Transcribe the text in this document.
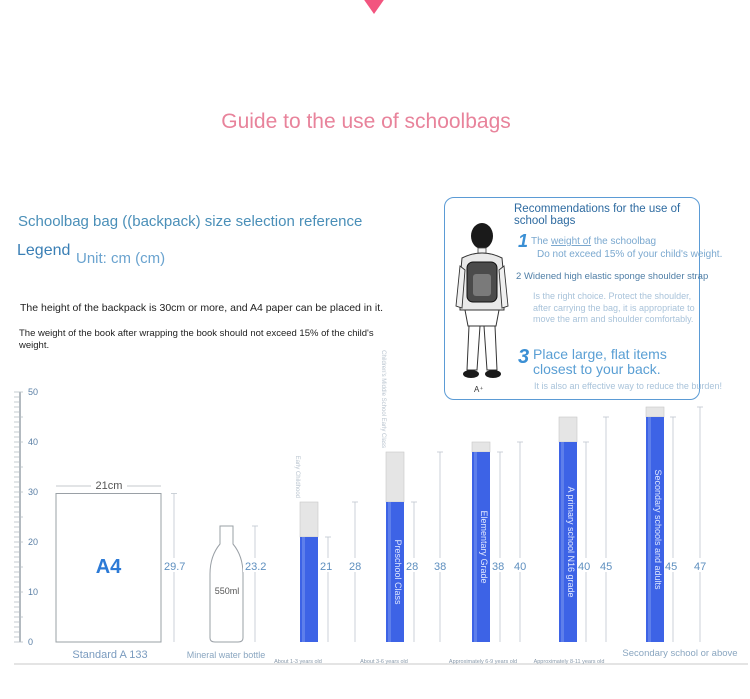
Guide to the use of schoolbags
Schoolbag bag ((backpack) size selection reference
Legend Unit: cm (cm)
The height of the backpack is 30cm or more, and A4 paper can be placed in it.
The weight of the book after wrapping the book should not exceed 15% of the child's weight.
Recommendations for the use of school bags
A⁺
1 The weight of the schoolbag
Do not exceed 15% of your child's weight.
2 Widened high elastic sponge shoulder strap
Is the right choice. Protect the shoulder, after carrying the bag, it is appropriate to move the arm and shoulder comfortably.
3 Place large, flat items closest to your back.
It is also an effective way to reduce the burden!
0
10
20
30
40
50
A4
21cm
29.7
Standard A 133
550ml
23.2
Mineral water bottle
Early Childhood
21 28
About 1-3 years old
Preschool Class
Children's Middle School Early Class
28 38
About 3-6 years old
Elementary Grade 38 40
Approximately 6-9 years old
A primary school N16 grade 40 45
Approximately 8-11 years old
Secondary schools and adults 45 47
Secondary school or above
